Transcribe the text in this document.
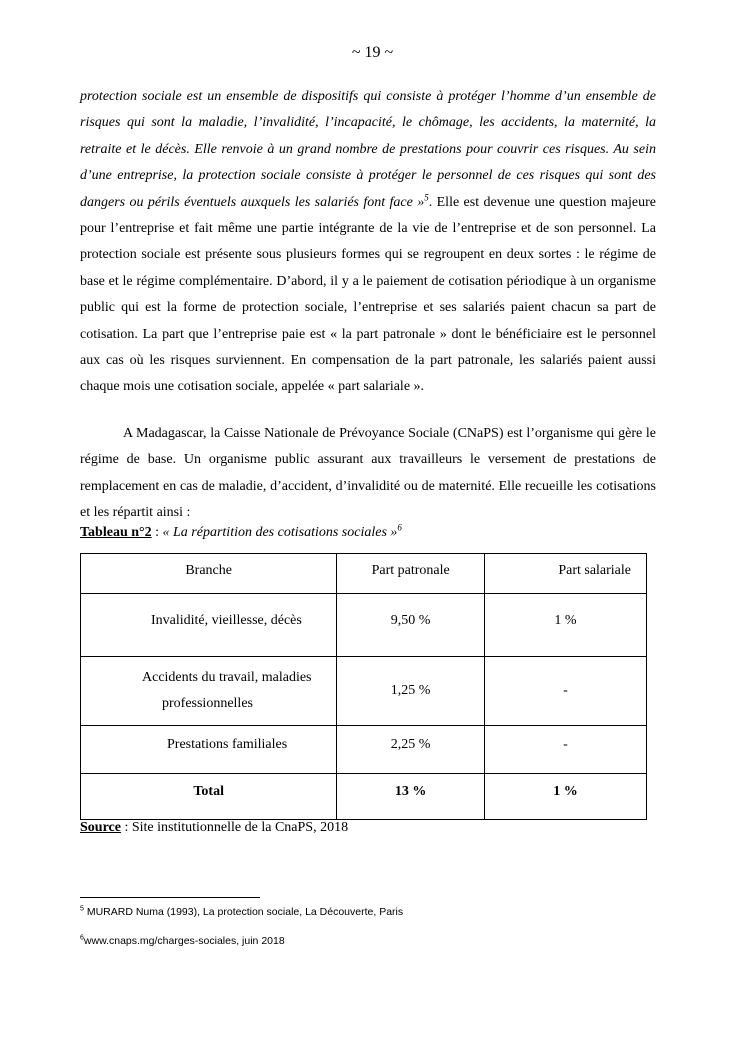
~ 19 ~

protection sociale est un ensemble de dispositifs qui consiste à protéger l’homme d’un ensemble de risques qui sont la maladie, l’invalidité, l’incapacité, le chômage, les accidents, la maternité, la retraite et le décès. Elle renvoie à un grand nombre de prestations pour couvrir ces risques. Au sein d’une entreprise, la protection sociale consiste à protéger le personnel de ces risques qui sont des dangers ou périls éventuels auxquels les salariés font face »$^5$. Elle est devenue une question majeure pour l’entreprise et fait même une partie intégrante de la vie de l’entreprise et de son personnel. La protection sociale est présente sous plusieurs formes qui se regroupent en deux sortes : le régime de base et le régime complémentaire. D’abord, il y a le paiement de cotisation périodique à un organisme public qui est la forme de protection sociale, l’entreprise et ses salariés paient chacun sa part de cotisation. La part que l’entreprise paie est « la part patronale » dont le bénéficiaire est le personnel aux cas où les risques surviennent. En compensation de la part patronale, les salariés paient aussi chaque mois une cotisation sociale, appelée « part salariale ».

A Madagascar, la Caisse Nationale de Prévoyance Sociale (CNaPS) est l’organisme qui gère le régime de base. Un organisme public assurant aux travailleurs le versement de prestations de remplacement en cas de maladie, d’accident, d’invalidité ou de maternité. Elle recueille les cotisations et les répartit ainsi :

Tableau n°2 : « La répartition des cotisations sociales »$^6$
Branche	Part patronale	Part salariale
Invalidité, vieillesse, décès	9,50 %	1 %

Accidents du travail, maladies
professionnelles	1,25 %	-
Prestations familiales	2,25 %	-
Total	13 %	1 %
Source : Site institutionnelle de la CnaPS, 2018
$^5$ MURARD Numa (1993), La protection sociale, La Découverte, Paris
$^6$www.cnaps.mg/charges-sociales, juin 2018
